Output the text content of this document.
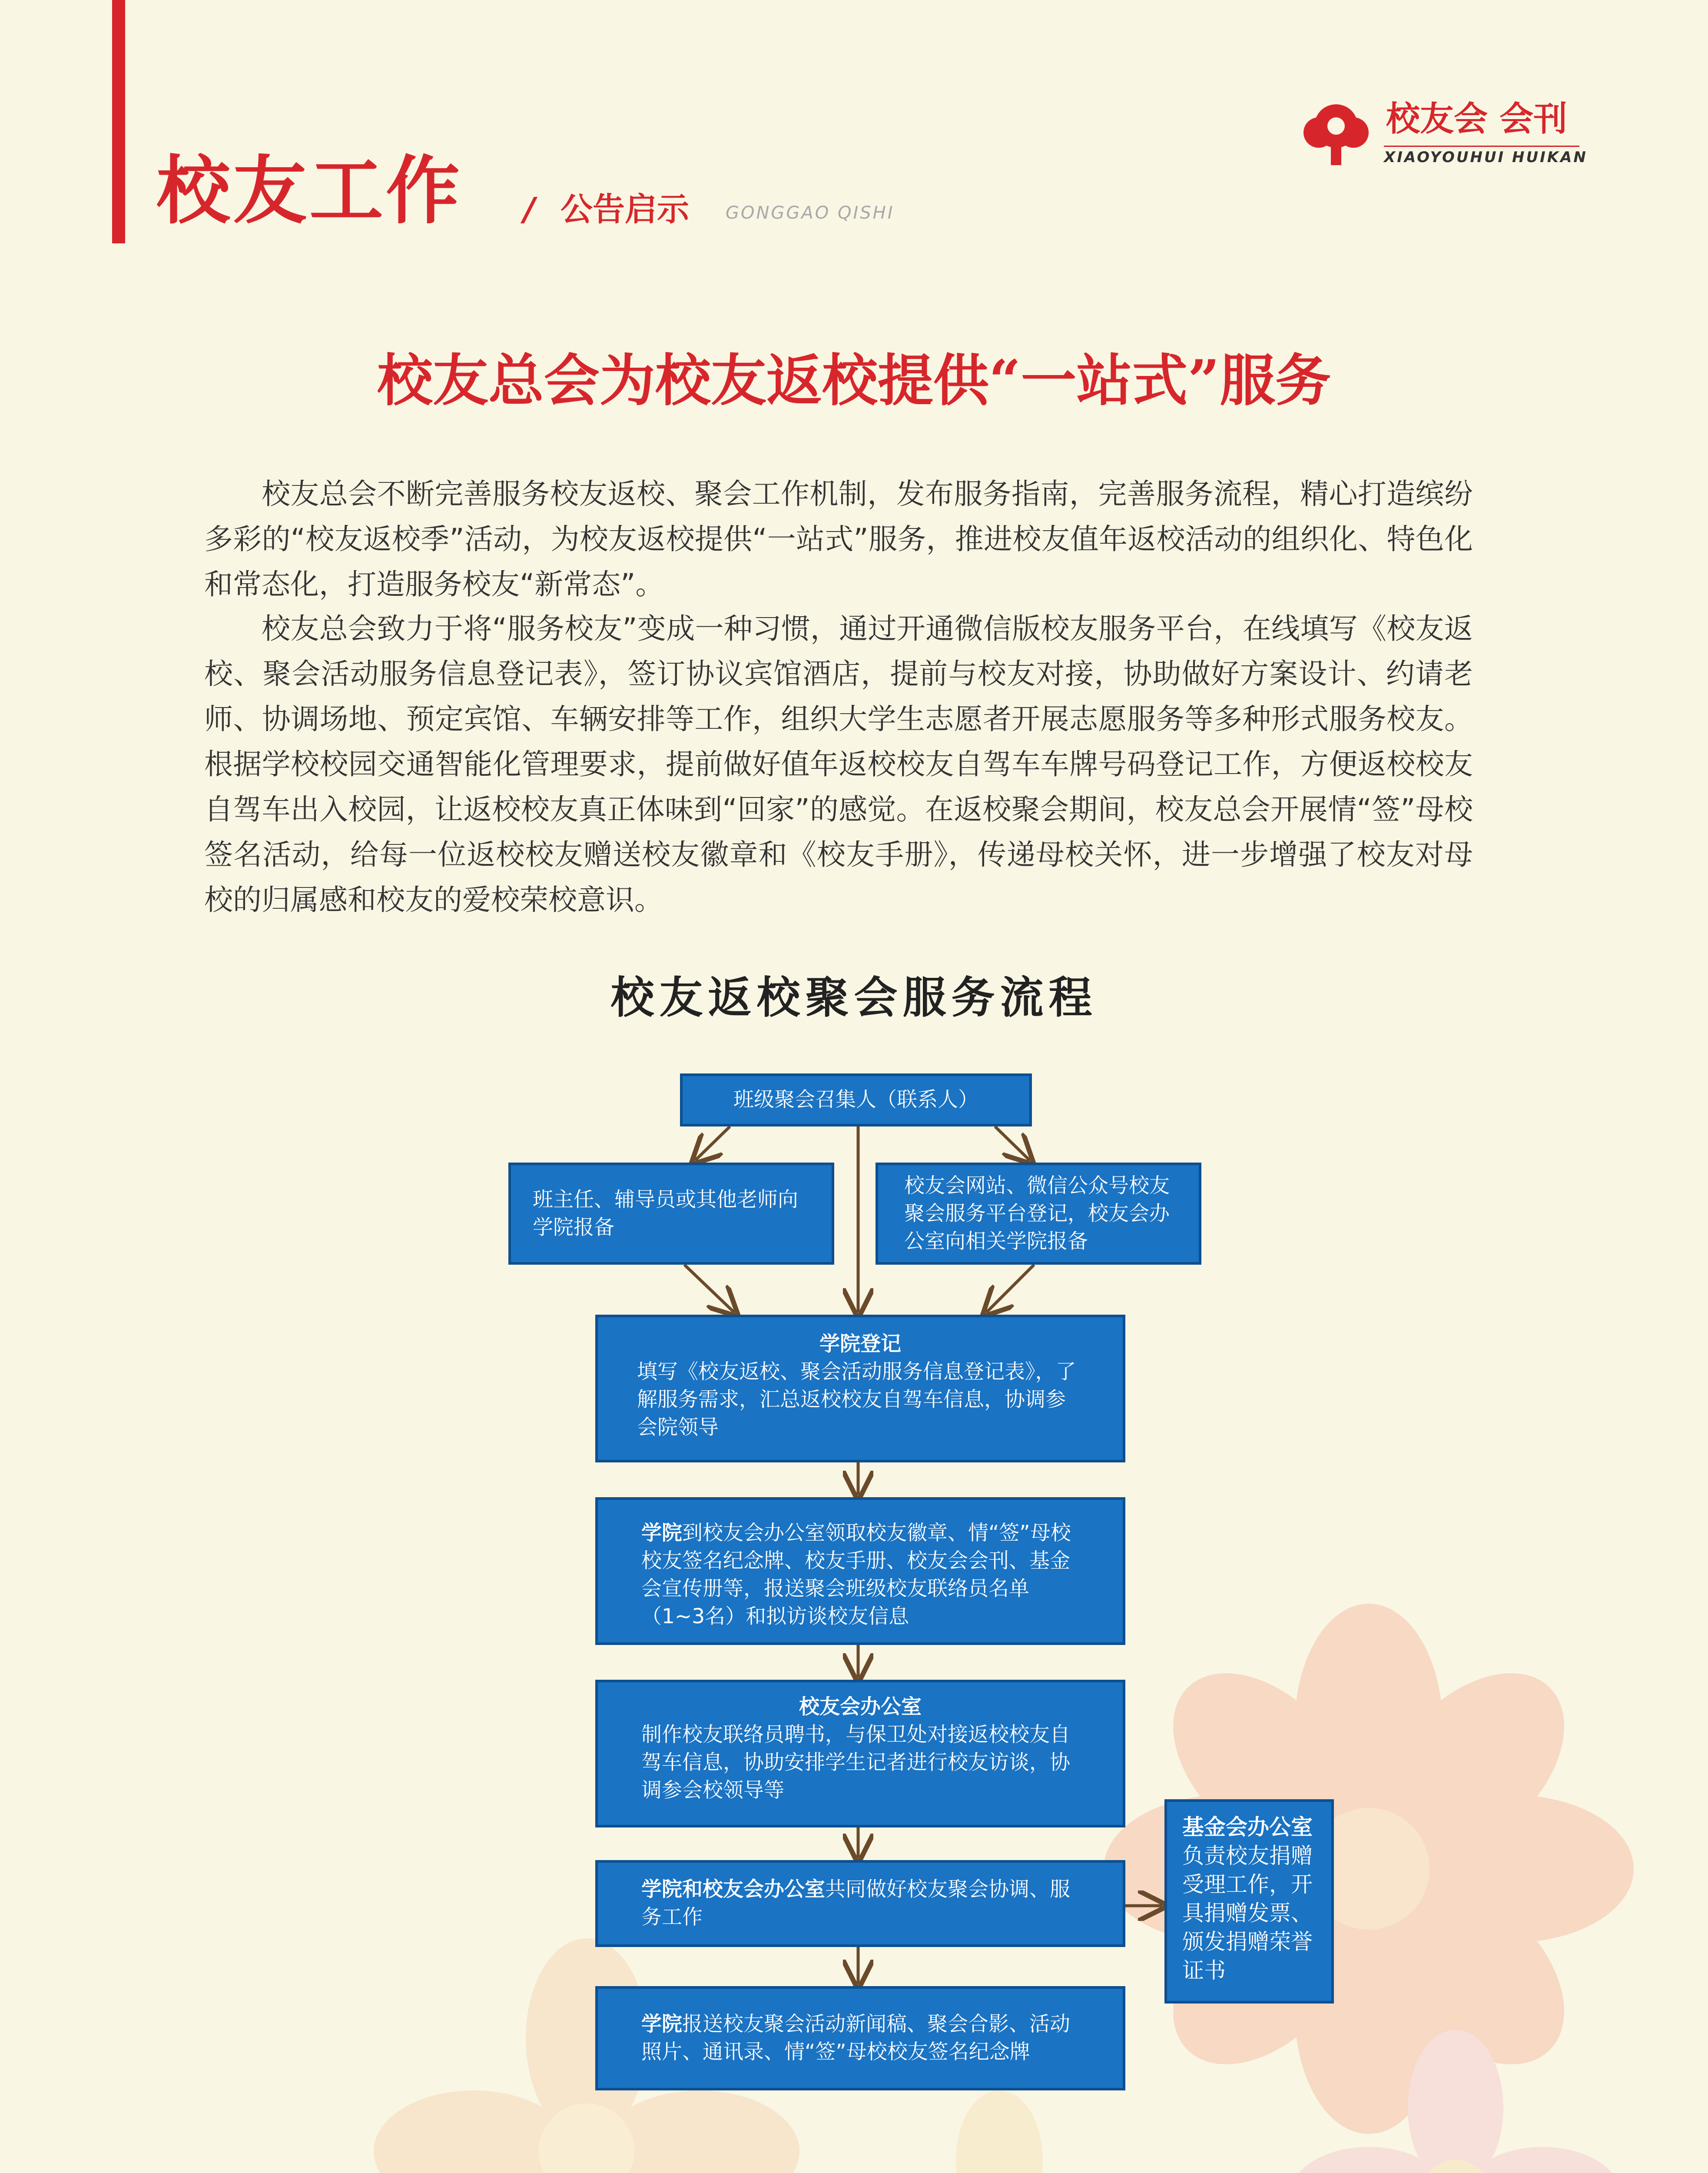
校友工作 / 公告启示 GONGGAO QISHI
校友会 会刊
XIAOYOUHUI HUIKAN
校友总会为校友返校提供“一站式”服务

校友总会不断完善服务校友返校、聚会工作机制，发布服务指南，完善服务流程，精心打造缤纷多彩的“校友返校季”活动，为校友返校提供“一站式”服务，推进校友值年返校活动的组织化、特色化和常态化，打造服务校友“新常态”。

校友总会致力于将“服务校友”变成一种习惯，通过开通微信版校友服务平台，在线填写《校友返校、聚会活动服务信息登记表》，签订协议宾馆酒店，提前与校友对接，协助做好方案设计、约请老师、协调场地、预定宾馆、车辆安排等工作，组织大学生志愿者开展志愿服务等多种形式服务校友。根据学校校园交通智能化管理要求，提前做好值年返校校友自驾车车牌号码登记工作，方便返校校友自驾车出入校园，让返校校友真正体味到“回家”的感觉。在返校聚会期间，校友总会开展情“签”母校签名活动，给每一位返校校友赠送校友徽章和《校友手册》，传递母校关怀，进一步增强了校友对母校的归属感和校友的爱校荣校意识。

校友返校聚会服务流程
班级聚会召集人（联系人）
班主任、辅导员或其他老师向学院报备
校友会网站、微信公众号校友聚会服务平台登记，校友会办公室向相关学院报备
学院登记
填写《校友返校、聚会活动服务信息登记表》，了解服务需求，汇总返校校友自驾车信息，协调参会院领导
学院到校友会办公室领取校友徽章、情“签”母校校友签名纪念牌、校友手册、校友会会刊、基金会宣传册等，报送聚会班级校友联络员名单（1~3名）和拟访谈校友信息
校友会办公室
制作校友联络员聘书，与保卫处对接返校校友自驾车信息，协助安排学生记者进行校友访谈，协调参会校领导等
学院和校友会办公室共同做好校友聚会协调、服务工作
学院报送校友聚会活动新闻稿、聚会合影、活动照片、通讯录、情“签”母校校友签名纪念牌
基金会办公室
负责校友捐赠受理工作，开具捐赠发票、颁发捐赠荣誉证书
